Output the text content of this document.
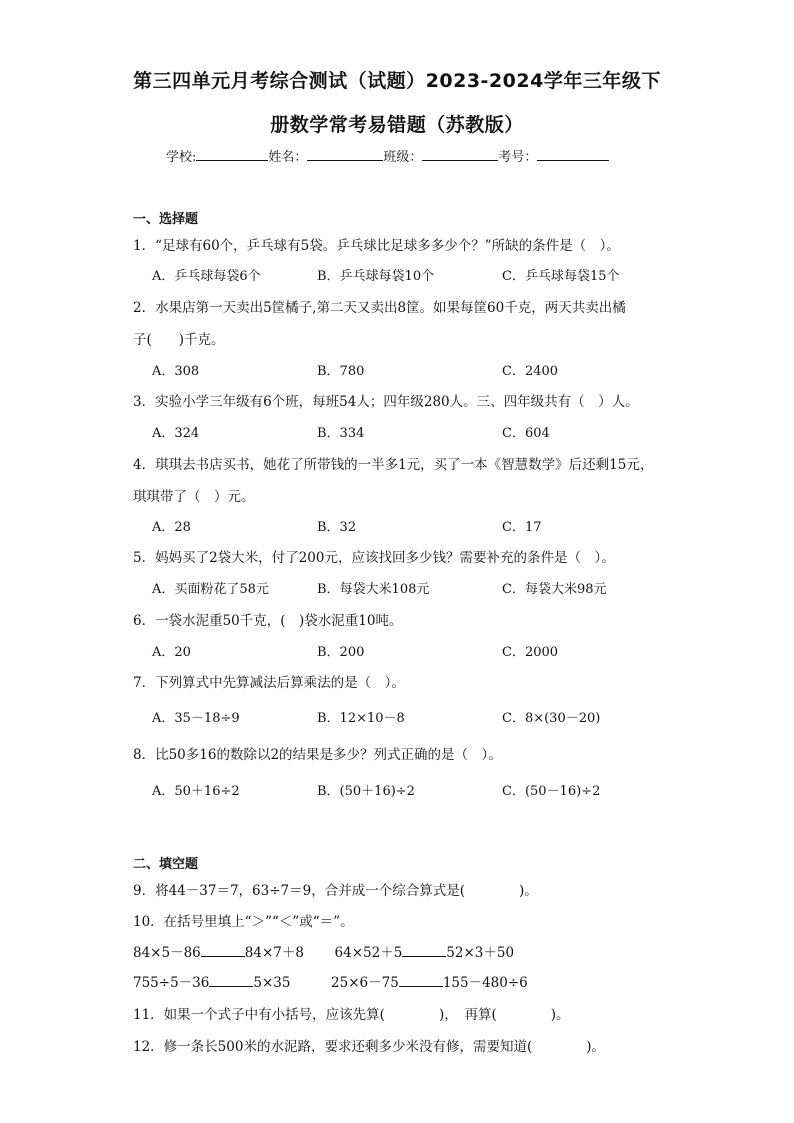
第三四单元月考综合测试（试题）2023-2024学年三年级下
册数学常考易错题（苏教版）
学校:	姓名：	班级：	考号：
一、选择题
1．“足球有60个，乒乓球有5袋。乒乓球比足球多多少个？”所缺的条件是（　）。
A．乒乓球每袋6个	B．乒乓球每袋10个	C．乒乓球每袋15个
2．水果店第一天卖出5筐橘子,第二天又卖出8筐。如果每筐60千克，两天共卖出橘
子(　　)千克。
A．308	B．780	C．2400
3．实验小学三年级有6个班，每班54人；四年级280人。三、四年级共有（　）人。
A．324	B．334	C．604
4．琪琪去书店买书，她花了所带钱的一半多1元，买了一本《智慧数学》后还剩15元，
琪琪带了（　）元。
A．28	B．32	C．17
5．妈妈买了2袋大米，付了200元，应该找回多少钱？需要补充的条件是（　）。
A．买面粉花了58元	B．每袋大米108元	C．每袋大米98元
6．一袋水泥重50千克，(　)袋水泥重10吨。
A．20	B．200	C．2000
7．下列算式中先算减法后算乘法的是（　）。
A．35－18÷9	B．12×10－8	C．8×(30－20)
8．比50多16的数除以2的结果是多少？列式正确的是（　）。
A．50＋16÷2	B．(50＋16)÷2	C．(50－16)÷2
二、填空题
9．将44－37＝7，63÷7＝9，合并成一个综合算式是(　　　　)。
10．在括号里填上“＞”“＜”或“＝”。
84×5－86	84×7＋8 64×52＋5	52×3＋50
755÷5－36	5×35	25×6－75	155－480÷6
11．如果一个式子中有小括号，应该先算(　　　　)，　再算(　　　　)。
12．修一条长500米的水泥路，要求还剩多少米没有修，需要知道(　　　　)。
